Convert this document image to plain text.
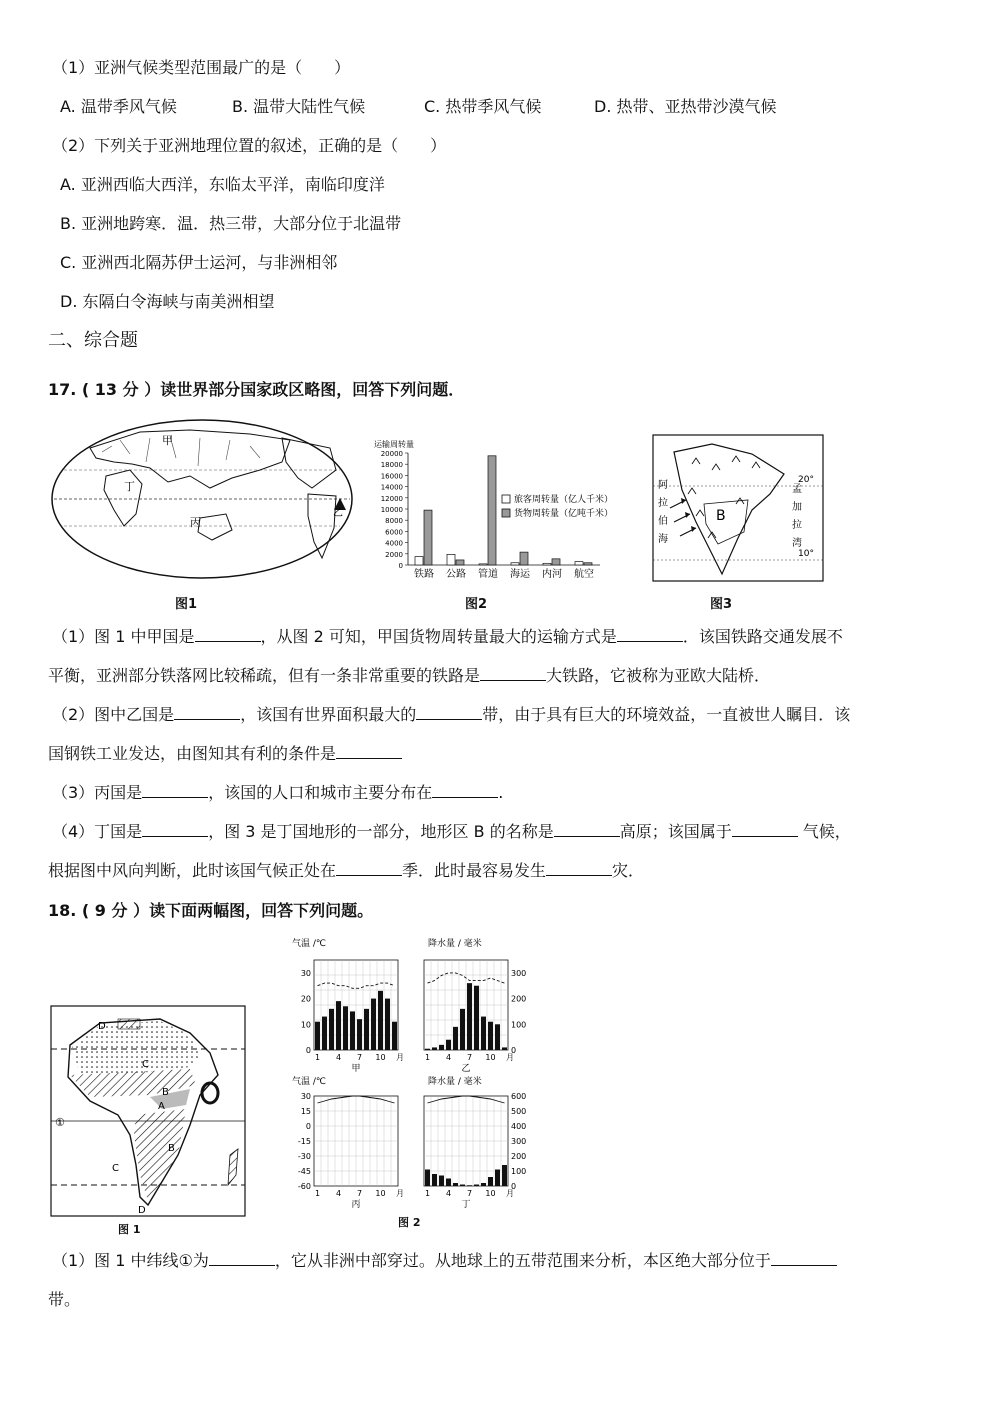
（1）亚洲气候类型范围最广的是（　　）
A. 温带季风气候	B. 温带大陆性气候	C. 热带季风气候	D. 热带、亚热带沙漠气候
（2）下列关于亚洲地理位置的叙述，正确的是（　　）
A. 亚洲西临大西洋，东临太平洋，南临印度洋
B. 亚洲地跨寒．温．热三带，大部分位于北温带
C. 亚洲西北隔苏伊士运河，与非洲相邻
D. 东隔白令海峡与南美洲相望
二、综合题
17. ( 13 分 ）读世界部分国家政区略图，回答下列问题．
甲
丁
丙
乙
图1
运输周转量
0
2000
4000
6000
8000
10000
12000
14000
16000
18000
20000
铁路 公路 管道 海运 内河 航空
旅客周转量（亿人千米）
货物周转量（亿吨千米）
图2
B
阿
拉
伯
海
孟
加
拉
湾
20°
10°
图3
（1）图 1 中甲国是	，从图 2 可知，甲国货物周转量最大的运输方式是	．该国铁路交通发展不
平衡，亚洲部分铁落网比较稀疏，但有一条非常重要的铁路是	大铁路，它被称为亚欧大陆桥．
（2）图中乙国是	，该国有世界面积最大的	带，由于具有巨大的环境效益，一直被世人瞩目．该
国钢铁工业发达，由图知其有利的条件是
（3）丙国是	，该国的人口和城市主要分布在	.
（4）丁国是	，图 3 是丁国地形的一部分，地形区 B 的名称是	高原；该国属于	气候，
根据图中风向判断，此时该国气候正处在	季．此时最容易发生	灾．
18. ( 9 分 ）读下面两幅图，回答下列问题。
D
C
B
A
B
C
D
①
图 1
气温 /℃	降水量 / 毫米
气温 /℃	降水量 / 毫米
0
10
20
30
1 4 7 10 月
甲
0
100
200
300
1 4 7 10 月
乙
-60
-45
-30
-15
0
15
30
1 4 7 10 月
丙
0
100
200
300
400
500
600
1 4 7 10 月
丁
图 2
（1）图 1 中纬线①为	，它从非洲中部穿过。从地球上的五带范围来分析，本区绝大部分位于
带。
